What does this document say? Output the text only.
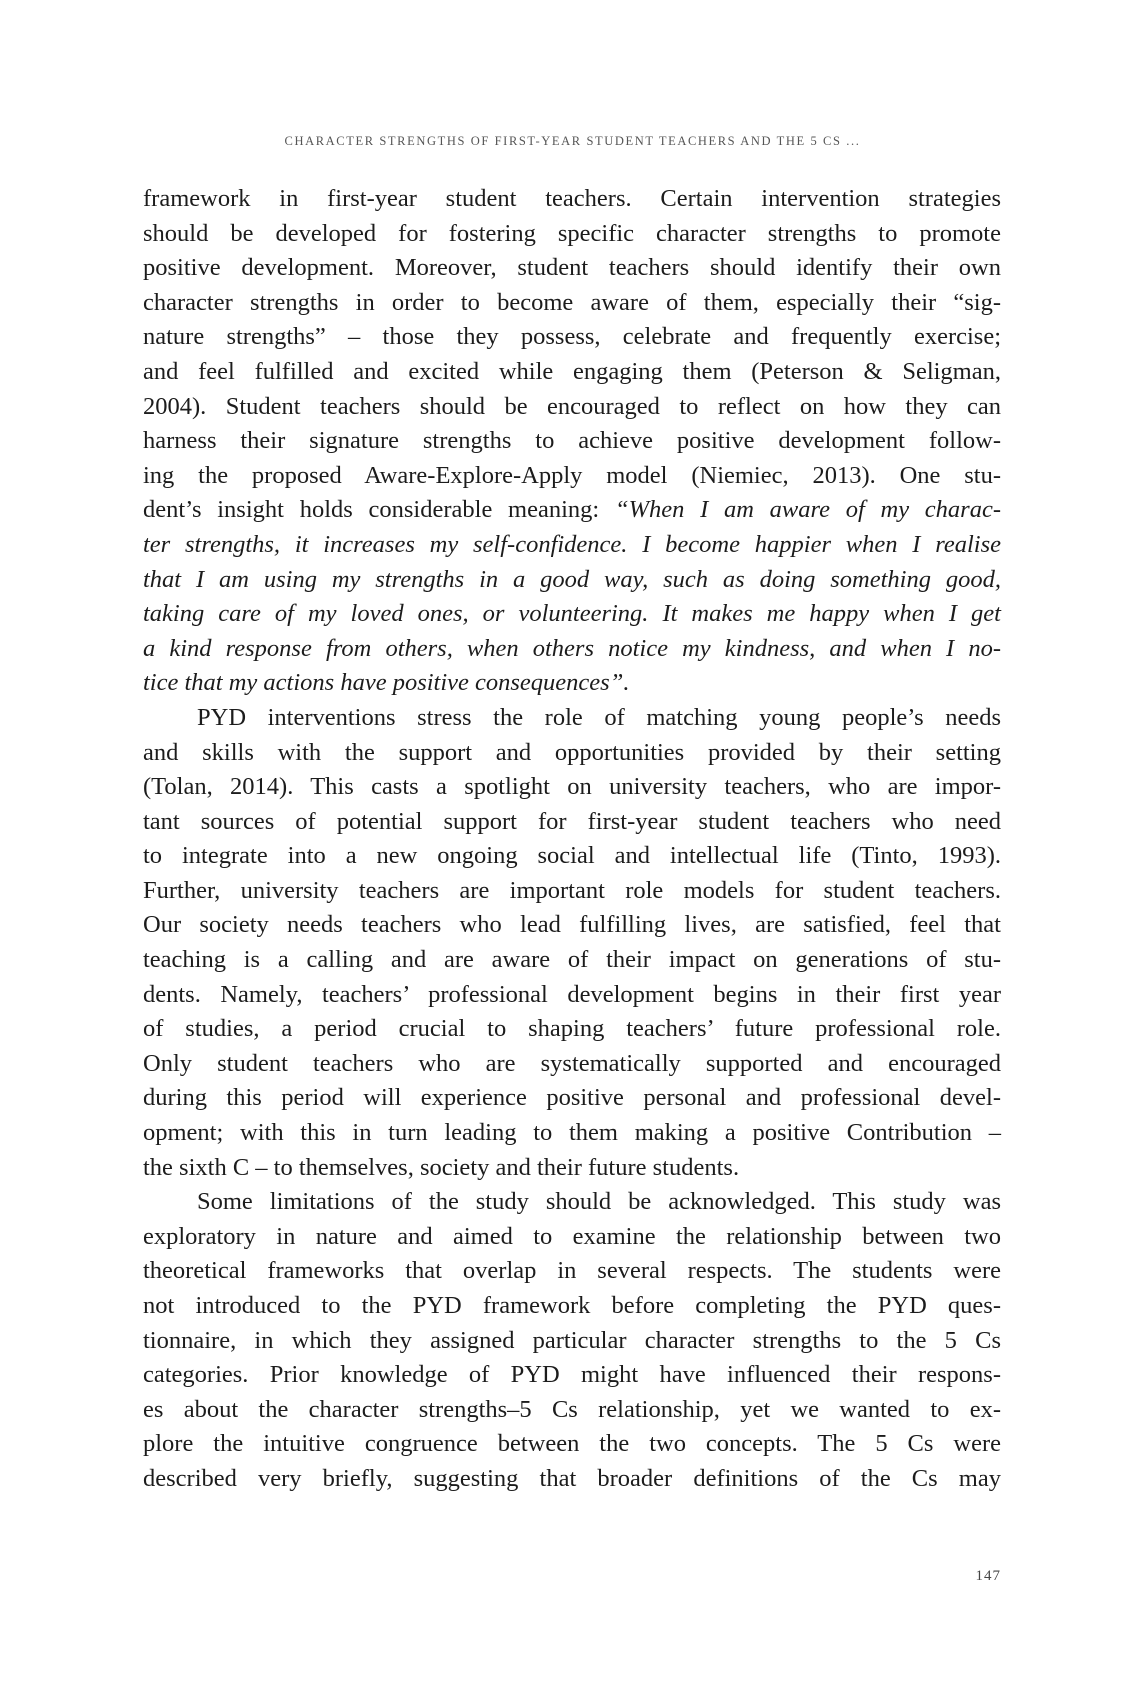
CHARACTER STRENGTHS OF FIRST-YEAR STUDENT TEACHERS AND THE 5 CS ...
framework in first-year student teachers. Certain intervention strategies
should be developed for fostering specific character strengths to promote
positive development. Moreover, student teachers should identify their own
character strengths in order to become aware of them, especially their “sig-
nature strengths” – those they possess, celebrate and frequently exercise;
and feel fulfilled and excited while engaging them (Peterson & Seligman,
2004). Student teachers should be encouraged to reflect on how they can
harness their signature strengths to achieve positive development follow-
ing the proposed Aware-Explore-Apply model (Niemiec, 2013). One stu-
dent’s insight holds considerable meaning: “When I am aware of my charac-
ter strengths, it increases my self-confidence. I become happier when I realise
that I am using my strengths in a good way, such as doing something good,
taking care of my loved ones, or volunteering. It makes me happy when I get
a kind response from others, when others notice my kindness, and when I no-
tice that my actions have positive consequences”.
PYD interventions stress the role of matching young people’s needs
and skills with the support and opportunities provided by their setting
(Tolan, 2014). This casts a spotlight on university teachers, who are impor-
tant sources of potential support for first-year student teachers who need
to integrate into a new ongoing social and intellectual life (Tinto, 1993).
Further, university teachers are important role models for student teachers.
Our society needs teachers who lead fulfilling lives, are satisfied, feel that
teaching is a calling and are aware of their impact on generations of stu-
dents. Namely, teachers’ professional development begins in their first year
of studies, a period crucial to shaping teachers’ future professional role.
Only student teachers who are systematically supported and encouraged
during this period will experience positive personal and professional devel-
opment; with this in turn leading to them making a positive Contribution –
the sixth C – to themselves, society and their future students.
Some limitations of the study should be acknowledged. This study was
exploratory in nature and aimed to examine the relationship between two
theoretical frameworks that overlap in several respects. The students were
not introduced to the PYD framework before completing the PYD ques-
tionnaire, in which they assigned particular character strengths to the 5 Cs
categories. Prior knowledge of PYD might have influenced their respons-
es about the character strengths–5 Cs relationship, yet we wanted to ex-
plore the intuitive congruence between the two concepts. The 5 Cs were
described very briefly, suggesting that broader definitions of the Cs may
147
